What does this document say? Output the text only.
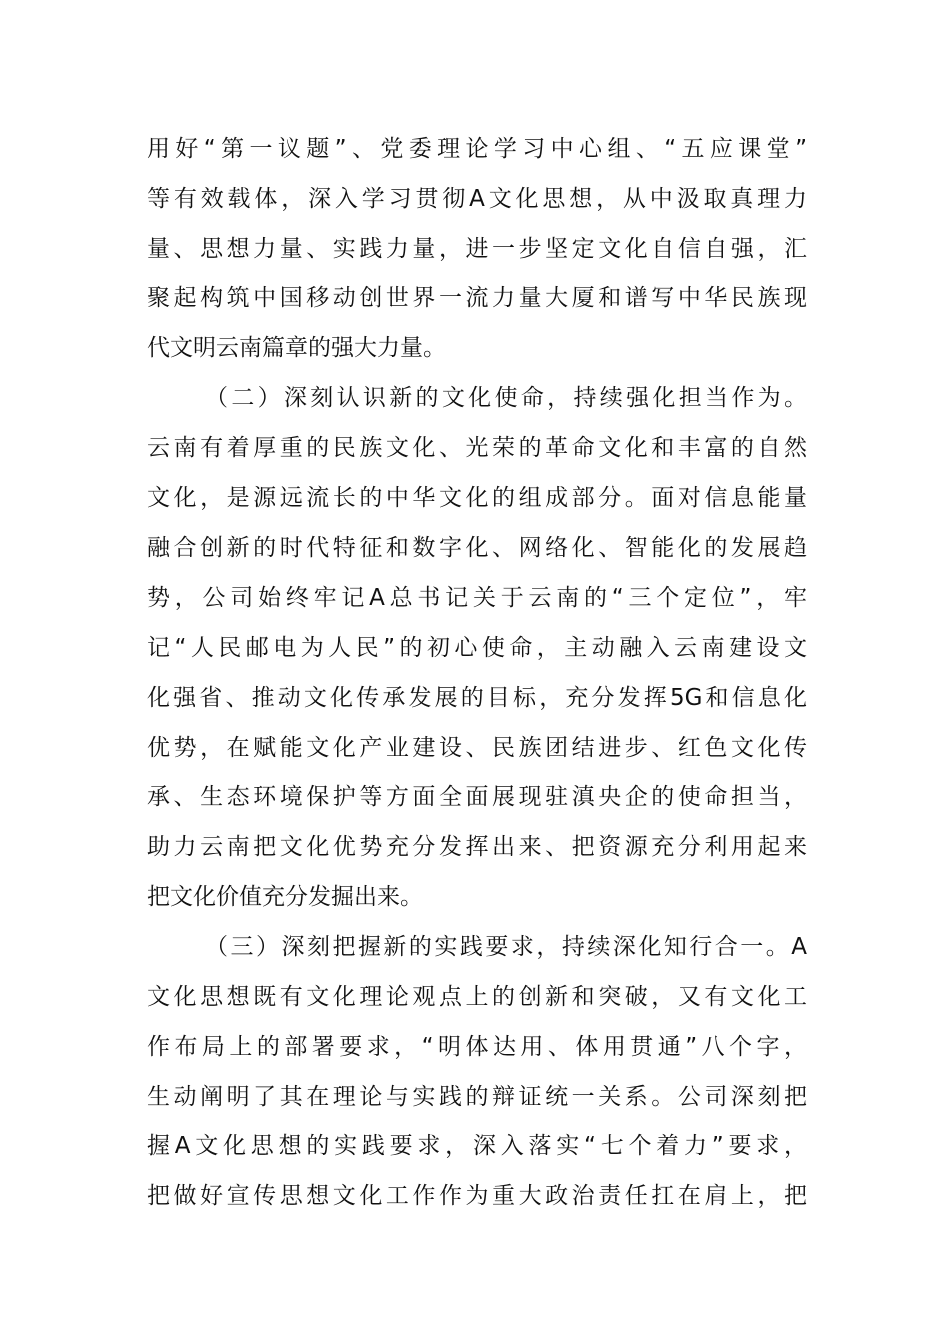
用好“第一议题”、党委理论学习中心组、“五应课堂”
等有效载体，深入学习贯彻A文化思想，从中汲取真理力
量、思想力量、实践力量，进一步坚定文化自信自强，汇
聚起构筑中国移动创世界一流力量大厦和谱写中华民族现
代文明云南篇章的强大力量。
（二）深刻认识新的文化使命，持续强化担当作为。
云南有着厚重的民族文化、光荣的革命文化和丰富的自然
文化，是源远流长的中华文化的组成部分。面对信息能量
融合创新的时代特征和数字化、网络化、智能化的发展趋
势，公司始终牢记A总书记关于云南的“三个定位”，牢
记“人民邮电为人民”的初心使命，主动融入云南建设文
化强省、推动文化传承发展的目标，充分发挥5G和信息化
优势，在赋能文化产业建设、民族团结进步、红色文化传
承、生态环境保护等方面全面展现驻滇央企的使命担当，
助力云南把文化优势充分发挥出来、把资源充分利用起来
把文化价值充分发掘出来。
（三）深刻把握新的实践要求，持续深化知行合一。A
文化思想既有文化理论观点上的创新和突破，又有文化工
作布局上的部署要求，“明体达用、体用贯通”八个字，
生动阐明了其在理论与实践的辩证统一关系。公司深刻把
握A文化思想的实践要求，深入落实“七个着力”要求，
把做好宣传思想文化工作作为重大政治责任扛在肩上，把
